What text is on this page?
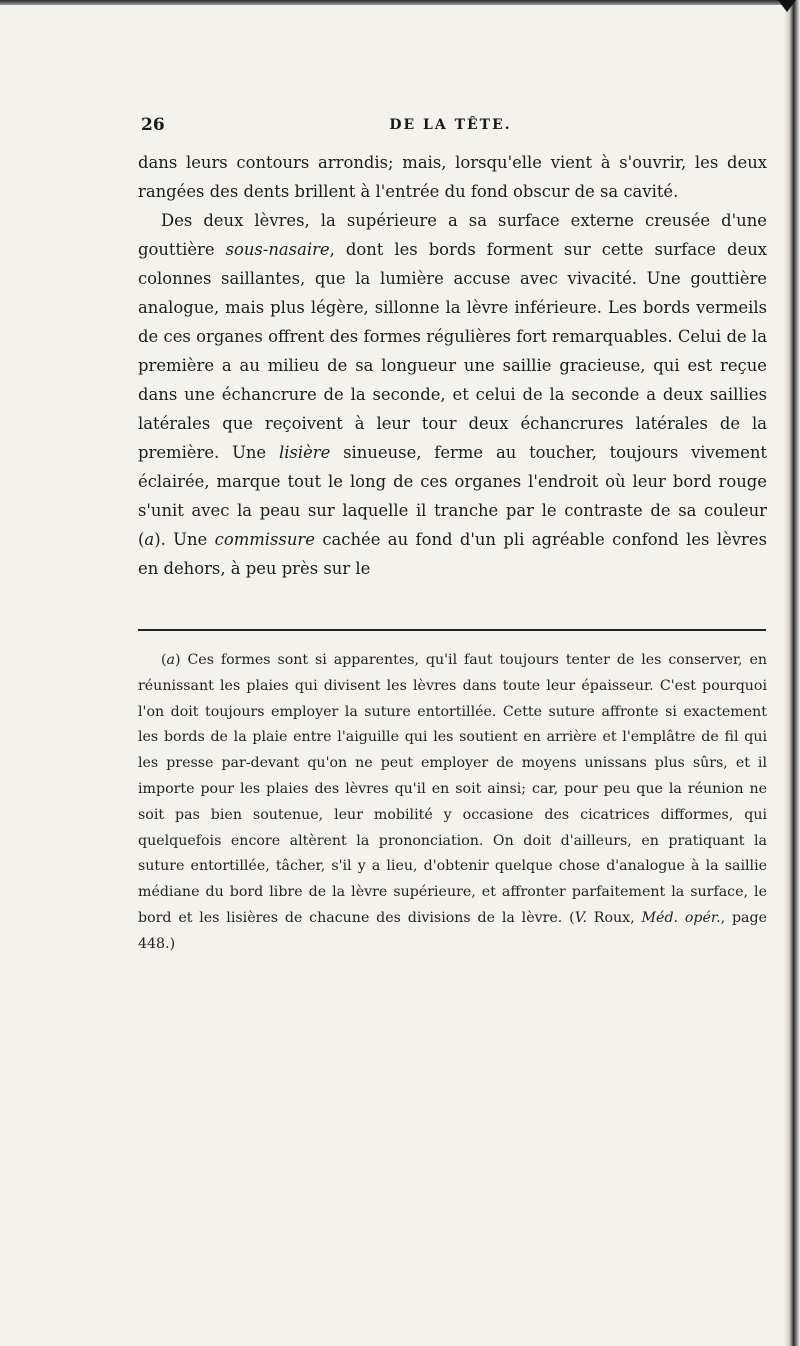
26	DE LA TÊTE.

dans leurs contours arrondis; mais, lorsqu'elle vient à s'ouvrir, les deux rangées des dents brillent à l'entrée du fond obscur de sa cavité.

Des deux lèvres, la supérieure a sa surface externe creusée d'une gouttière sous-nasaire, dont les bords forment sur cette surface deux colonnes saillantes, que la lumière accuse avec vivacité. Une gouttière analogue, mais plus légère, sillonne la lèvre inférieure. Les bords vermeils de ces organes offrent des formes régulières fort remarquables. Celui de la première a au milieu de sa longueur une saillie gracieuse, qui est reçue dans une échancrure de la seconde, et celui de la seconde a deux saillies latérales que reçoivent à leur tour deux échancrures latérales de la première. Une lisière sinueuse, ferme au toucher, toujours vivement éclairée, marque tout le long de ces organes l'endroit où leur bord rouge s'unit avec la peau sur laquelle il tranche par le contraste de sa couleur (a). Une commissure cachée au fond d'un pli agréable confond les lèvres en dehors, à peu près sur le

(a) Ces formes sont si apparentes, qu'il faut toujours tenter de les conserver, en réunissant les plaies qui divisent les lèvres dans toute leur épaisseur. C'est pourquoi l'on doit toujours employer la suture entortillée. Cette suture affronte si exactement les bords de la plaie entre l'aiguille qui les soutient en arrière et l'emplâtre de fil qui les presse par-devant qu'on ne peut employer de moyens unissans plus sûrs, et il importe pour les plaies des lèvres qu'il en soit ainsi; car, pour peu que la réunion ne soit pas bien soutenue, leur mobilité y occasione des cicatrices difformes, qui quelquefois encore altèrent la prononciation. On doit d'ailleurs, en pratiquant la suture entortillée, tâcher, s'il y a lieu, d'obtenir quelque chose d'analogue à la saillie médiane du bord libre de la lèvre supérieure, et affronter parfaitement la surface, le bord et les lisières de chacune des divisions de la lèvre. (V. Roux, Méd. opér., page 448.)
